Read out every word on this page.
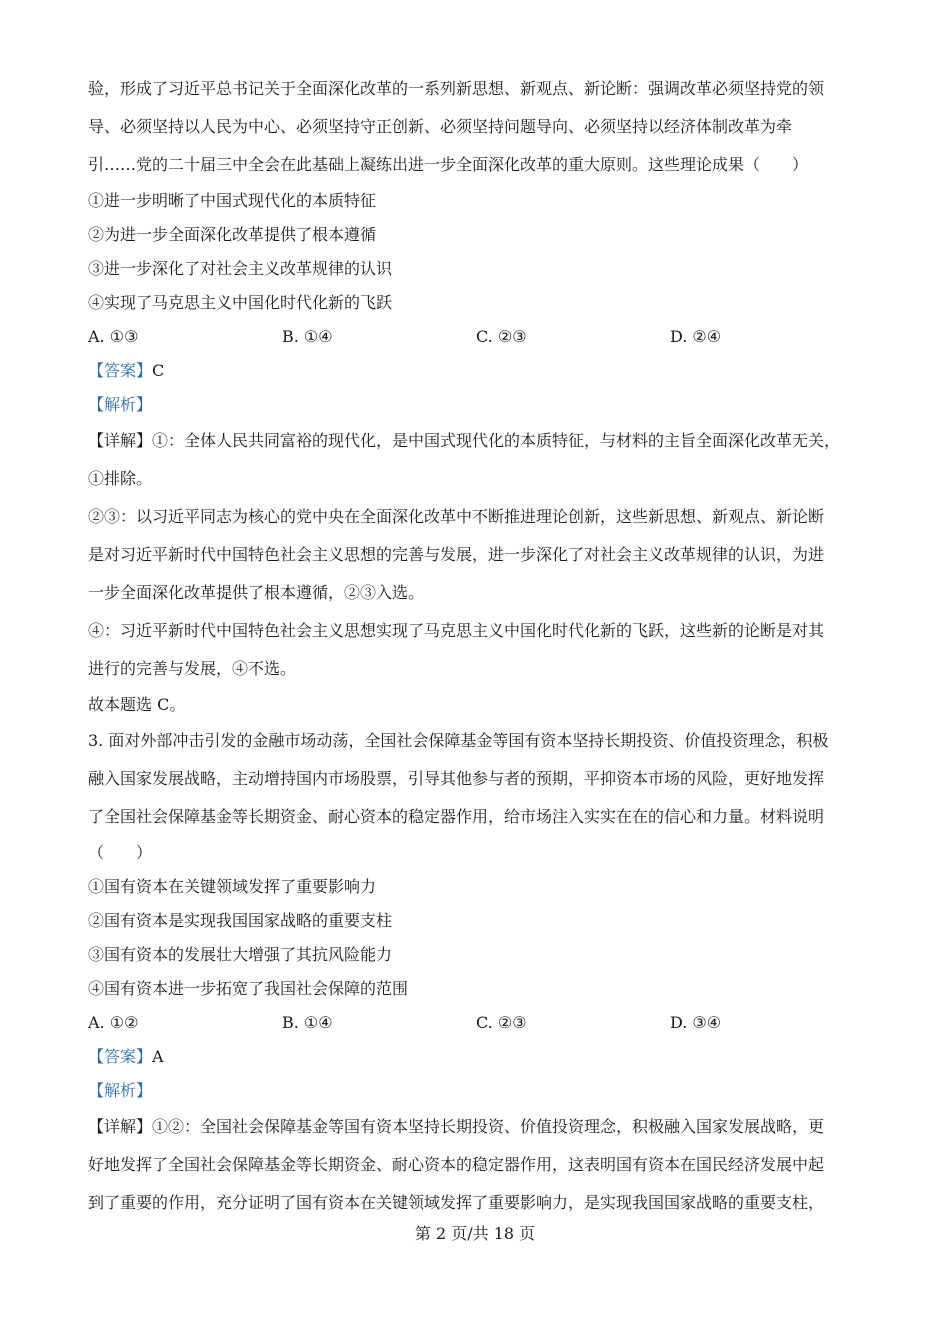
验，形成了习近平总书记关于全面深化改革的一系列新思想、新观点、新论断：强调改革必须坚持党的领
导、必须坚持以人民为中心、必须坚持守正创新、必须坚持问题导向、必须坚持以经济体制改革为牵
引……党的二十届三中全会在此基础上凝练出进一步全面深化改革的重大原则。这些理论成果（　　）
①进一步明晰了中国式现代化的本质特征
②为进一步全面深化改革提供了根本遵循
③进一步深化了对社会主义改革规律的认识
④实现了马克思主义中国化时代化新的飞跃
A. ①③	B. ①④	C. ②③	D. ②④
【答案】C
【解析】
【详解】①：全体人民共同富裕的现代化，是中国式现代化的本质特征，与材料的主旨全面深化改革无关，
①排除。
②③：以习近平同志为核心的党中央在全面深化改革中不断推进理论创新，这些新思想、新观点、新论断
是对习近平新时代中国特色社会主义思想的完善与发展，进一步深化了对社会主义改革规律的认识，为进
一步全面深化改革提供了根本遵循，②③入选。
④：习近平新时代中国特色社会主义思想实现了马克思主义中国化时代化新的飞跃，这些新的论断是对其
进行的完善与发展，④不选。
故本题选 C。
3. 面对外部冲击引发的金融市场动荡，全国社会保障基金等国有资本坚持长期投资、价值投资理念，积极
融入国家发展战略，主动增持国内市场股票，引导其他参与者的预期，平抑资本市场的风险，更好地发挥
了全国社会保障基金等长期资金、耐心资本的稳定器作用，给市场注入实实在在的信心和力量。材料说明
（　　）
①国有资本在关键领域发挥了重要影响力
②国有资本是实现我国国家战略的重要支柱
③国有资本的发展壮大增强了其抗风险能力
④国有资本进一步拓宽了我国社会保障的范围
A. ①②	B. ①④	C. ②③	D. ③④
【答案】A
【解析】
【详解】①②：全国社会保障基金等国有资本坚持长期投资、价值投资理念，积极融入国家发展战略，更
好地发挥了全国社会保障基金等长期资金、耐心资本的稳定器作用，这表明国有资本在国民经济发展中起
到了重要的作用，充分证明了国有资本在关键领域发挥了重要影响力，是实现我国国家战略的重要支柱，
第 2 页/共 18 页
